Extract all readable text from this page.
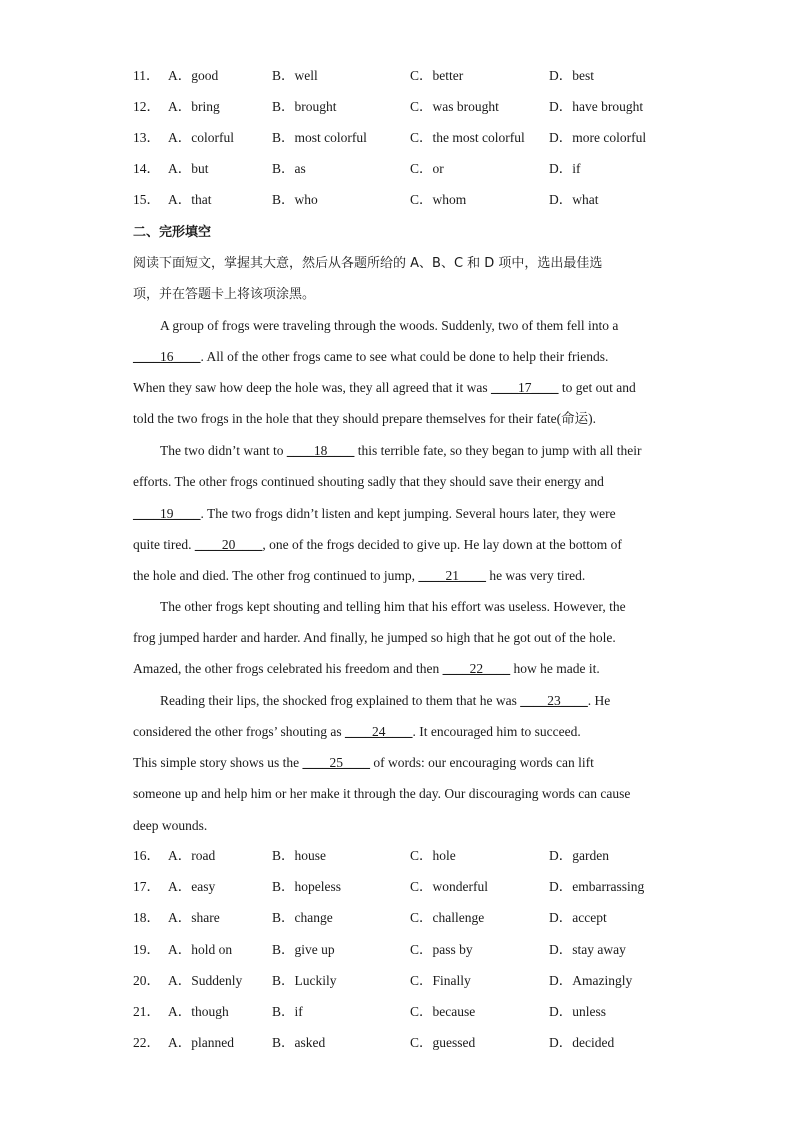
11． A．good	B．well	C．better	D．best
12． A．bring	B．brought	C．was brought	D．have brought
13． A．colorful	B．most colorful	C．the most colorful D．more colorful
14． A．but	B．as	C．or	D．if
15． A．that	B．who	C．whom	D．what
二、完形填空
阅读下面短文，掌握其大意，然后从各题所给的 A、B、C 和 D 项中，选出最佳选
项，并在答题卡上将该项涂黑。
A group of frogs were traveling through the woods. Suddenly, two of them fell into a
____16____. All of the other frogs came to see what could be done to help their friends.
When they saw how deep the hole was, they all agreed that it was ____17____ to get out and
told the two frogs in the hole that they should prepare themselves for their fate(命运).
The two didn’t want to ____18____ this terrible fate, so they began to jump with all their
efforts. The other frogs continued shouting sadly that they should save their energy and
____19____. The two frogs didn’t listen and kept jumping. Several hours later, they were
quite tired. ____20____, one of the frogs decided to give up. He lay down at the bottom of
the hole and died. The other frog continued to jump, ____21____ he was very tired.
The other frogs kept shouting and telling him that his effort was useless. However, the
frog jumped harder and harder. And finally, he jumped so high that he got out of the hole.
Amazed, the other frogs celebrated his freedom and then ____22____ how he made it.
Reading their lips, the shocked frog explained to them that he was ____23____. He
considered the other frogs’ shouting as ____24____. It encouraged him to succeed.
This simple story shows us the ____25____ of words: our encouraging words can lift
someone up and help him or her make it through the day. Our discouraging words can cause
deep wounds.
16． A．road	B．house	C．hole	D．garden
17． A．easy	B．hopeless	C．wonderful	D．embarrassing
18． A．share	B．change	C．challenge	D．accept
19． A．hold on	B．give up	C．pass by	D．stay away
20． A．Suddenly B．Luckily	C．Finally	D．Amazingly
21． A．though	B．if	C．because	D．unless
22． A．planned	B．asked	C．guessed	D．decided
